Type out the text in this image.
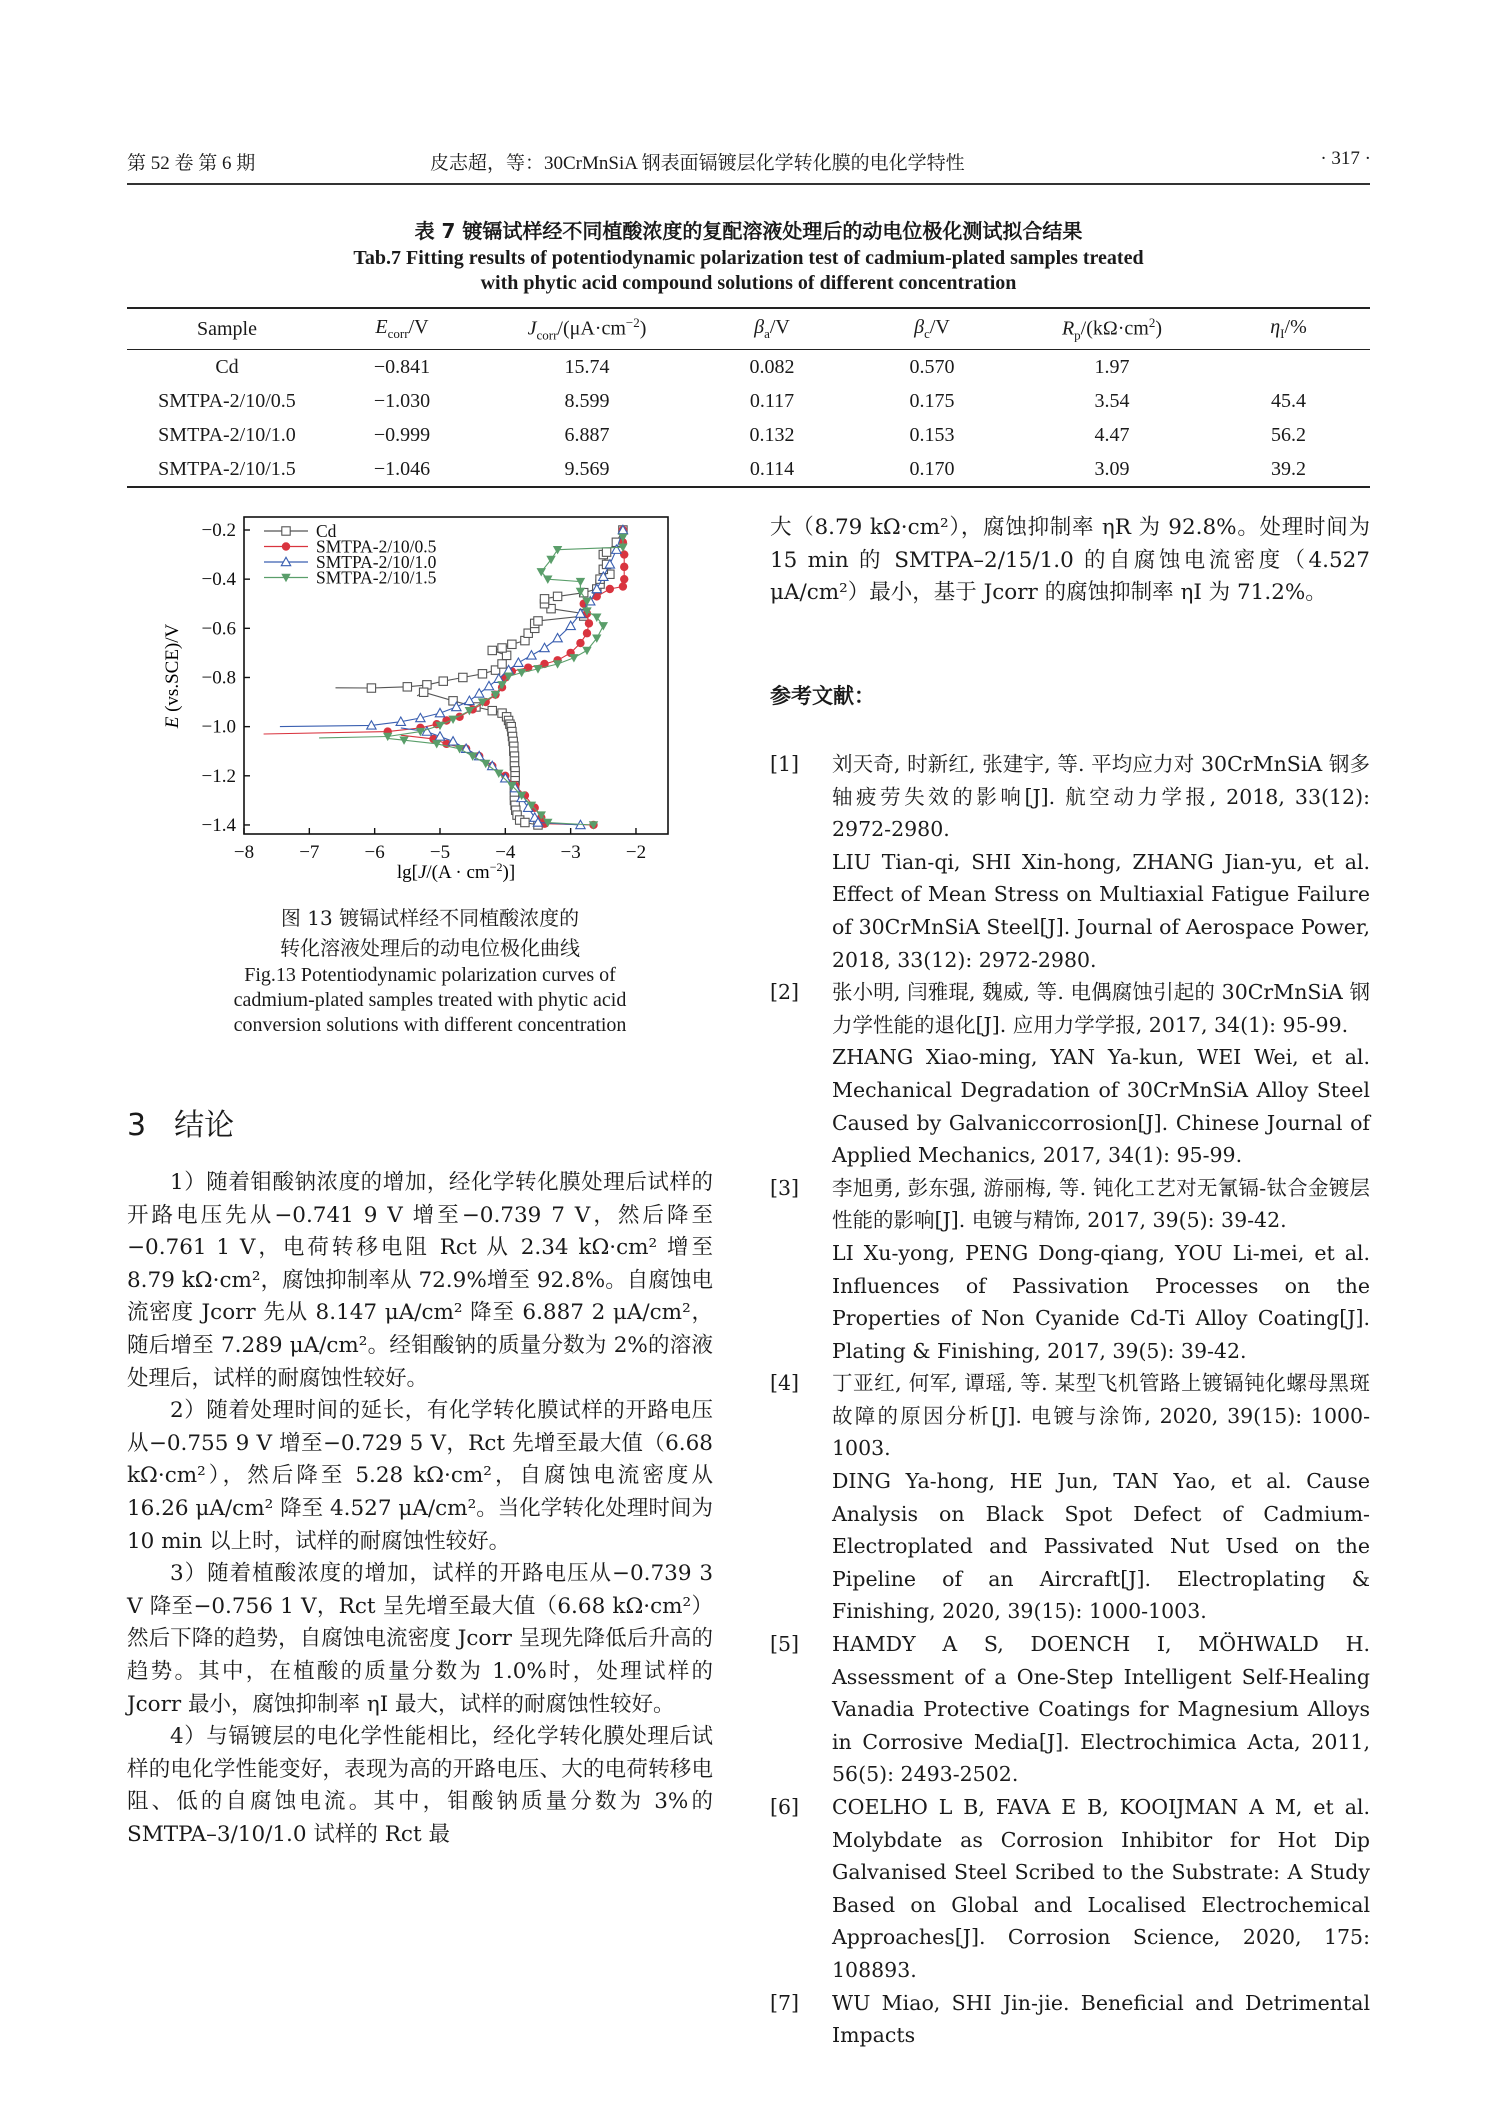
第 52 卷 第 6 期	皮志超，等：30CrMnSiA 钢表面镉镀层化学转化膜的电化学特性	· 317 ·
表 7 镀镉试样经不同植酸浓度的复配溶液处理后的动电位极化测试拟合结果
Tab.7 Fitting results of potentiodynamic polarization test of cadmium-plated samples treated
with phytic acid compound solutions of different concentration
Sample	$E_{corr}/V$	$J_{corr}/(\mu A\cdot cm^{-2})$	$\beta_a/V$	$\beta_c/V$	$R_p/(k\Omega\cdot cm^2)$	$\eta_I/\%$
Cd	−0.841	15.74	0.082	0.570	1.97	
SMTPA-2/10/0.5	−1.030	8.599	0.117	0.175	3.54	45.4
SMTPA-2/10/1.0	−0.999	6.887	0.132	0.153	4.47	56.2
SMTPA-2/10/1.5	−1.046	9.569	0.114	0.170	3.09	39.2
−8 −7 −6 −5 −4 −3 −2
−0.2
−0.4
−0.6
−0.8
−1.0
−1.2
−1.4
E (vs.SCE)/V
$\lg[J/(A \cdot cm^{-2})]$
Cd
SMTPA-2/10/0.5
SMTPA-2/10/1.0
SMTPA-2/10/1.5
图 13 镀镉试样经不同植酸浓度的
转化溶液处理后的动电位极化曲线
Fig.13 Potentiodynamic polarization curves of
cadmium-plated samples treated with phytic acid
conversion solutions with different concentration
3 结论

1）随着钼酸钠浓度的增加，经化学转化膜处理后试样的开路电压先从−0.741 9 V 增至−0.739 7 V，然后降至−0.761 1 V，电荷转移电阻 Rct 从 2.34 kΩ·cm² 增至 8.79 kΩ·cm²，腐蚀抑制率从 72.9%增至 92.8%。自腐蚀电流密度 Jcorr 先从 8.147 μA/cm² 降至 6.887 2 μA/cm²，随后增至 7.289 μA/cm²。经钼酸钠的质量分数为 2%的溶液处理后，试样的耐腐蚀性较好。

2）随着处理时间的延长，有化学转化膜试样的开路电压从−0.755 9 V 增至−0.729 5 V，Rct 先增至最大值（6.68 kΩ·cm²），然后降至 5.28 kΩ·cm²，自腐蚀电流密度从 16.26 μA/cm² 降至 4.527 μA/cm²。当化学转化处理时间为 10 min 以上时，试样的耐腐蚀性较好。

3）随着植酸浓度的增加，试样的开路电压从−0.739 3 V 降至−0.756 1 V，Rct 呈先增至最大值（6.68 kΩ·cm²）然后下降的趋势，自腐蚀电流密度 Jcorr 呈现先降低后升高的趋势。其中，在植酸的质量分数为 1.0%时，处理试样的 Jcorr 最小，腐蚀抑制率 ηI 最大，试样的耐腐蚀性较好。

4）与镉镀层的电化学性能相比，经化学转化膜处理后试样的电化学性能变好，表现为高的开路电压、大的电荷转移电阻、低的自腐蚀电流。其中，钼酸钠质量分数为 3%的 SMTPA–3/10/1.0 试样的 Rct 最

大（8.79 kΩ·cm²），腐蚀抑制率 ηR 为 92.8%。处理时间为 15 min 的 SMTPA–2/15/1.0 的自腐蚀电流密度（4.527 μA/cm²）最小，基于 Jcorr 的腐蚀抑制率 ηI 为 71.2%。
参考文献：
[1]	刘天奇, 时新红, 张建宇, 等. 平均应力对 30CrMnSiA 钢多轴疲劳失效的影响[J]. 航空动力学报, 2018, 33(12): 2972-2980.
LIU Tian-qi, SHI Xin-hong, ZHANG Jian-yu, et al. Effect of Mean Stress on Multiaxial Fatigue Failure of 30CrMnSiA Steel[J]. Journal of Aerospace Power, 2018, 33(12): 2972-2980.
[2]	张小明, 闫雅琨, 魏威, 等. 电偶腐蚀引起的 30CrMnSiA 钢力学性能的退化[J]. 应用力学学报, 2017, 34(1): 95-99.
ZHANG Xiao-ming, YAN Ya-kun, WEI Wei, et al. Mechanical Degradation of 30CrMnSiA Alloy Steel Caused by Galvaniccorrosion[J]. Chinese Journal of Applied Mechanics, 2017, 34(1): 95-99.
[3]	李旭勇, 彭东强, 游丽梅, 等. 钝化工艺对无氰镉-钛合金镀层性能的影响[J]. 电镀与精饰, 2017, 39(5): 39-42.
LI Xu-yong, PENG Dong-qiang, YOU Li-mei, et al. Influences of Passivation Processes on the Properties of Non Cyanide Cd-Ti Alloy Coating[J]. Plating & Finishing, 2017, 39(5): 39-42.
[4]	丁亚红, 何军, 谭瑶, 等. 某型飞机管路上镀镉钝化螺母黑斑故障的原因分析[J]. 电镀与涂饰, 2020, 39(15): 1000-1003.
DING Ya-hong, HE Jun, TAN Yao, et al. Cause Analysis on Black Spot Defect of Cadmium-Electroplated and Passivated Nut Used on the Pipeline of an Aircraft[J]. Electroplating & Finishing, 2020, 39(15): 1000-1003.
[5]	HAMDY A S, DOENCH I, MÖHWALD H. Assessment of a One-Step Intelligent Self-Healing Vanadia Protective Coatings for Magnesium Alloys in Corrosive Media[J]. Electrochimica Acta, 2011, 56(5): 2493-2502.
[6]	COELHO L B, FAVA E B, KOOIJMAN A M, et al. Molybdate as Corrosion Inhibitor for Hot Dip Galvanised Steel Scribed to the Substrate: A Study Based on Global and Localised Electrochemical Approaches[J]. Corrosion Science, 2020, 175: 108893.
[7]	WU Miao, SHI Jin-jie. Beneficial and Detrimental Impacts
